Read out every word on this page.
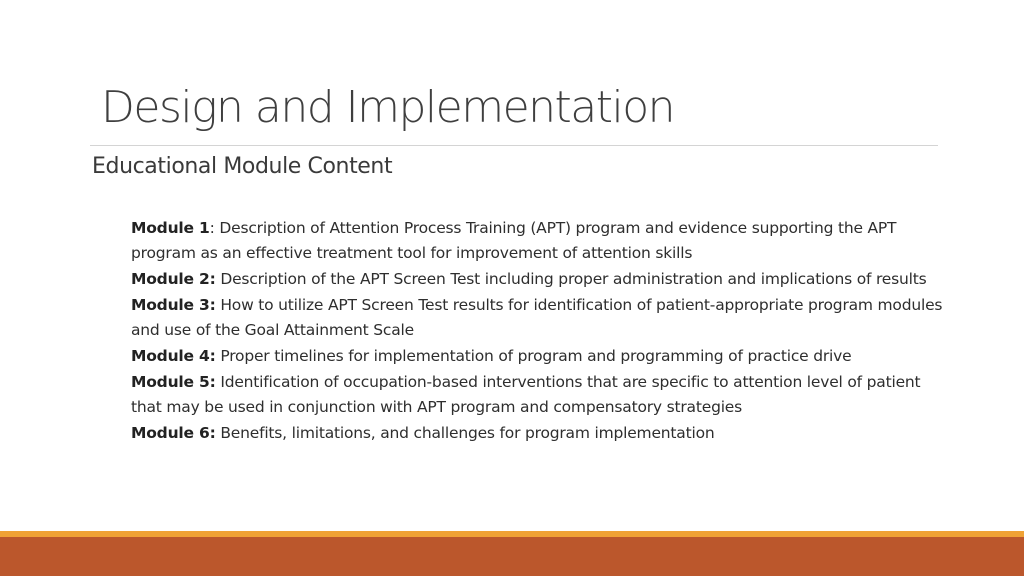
Design and Implementation
Educational Module Content
Module 1: Description of Attention Process Training (APT) program and evidence supporting the APT program as an effective treatment tool for improvement of attention skills
Module 2: Description of the APT Screen Test including proper administration and implications of results
Module 3: How to utilize APT Screen Test results for identification of patient-appropriate program modules and use of the Goal Attainment Scale
Module 4: Proper timelines for implementation of program and programming of practice drive
Module 5: Identification of occupation-based interventions that are specific to attention level of patient that may be used in conjunction with APT program and compensatory strategies
Module 6: Benefits, limitations, and challenges for program implementation
